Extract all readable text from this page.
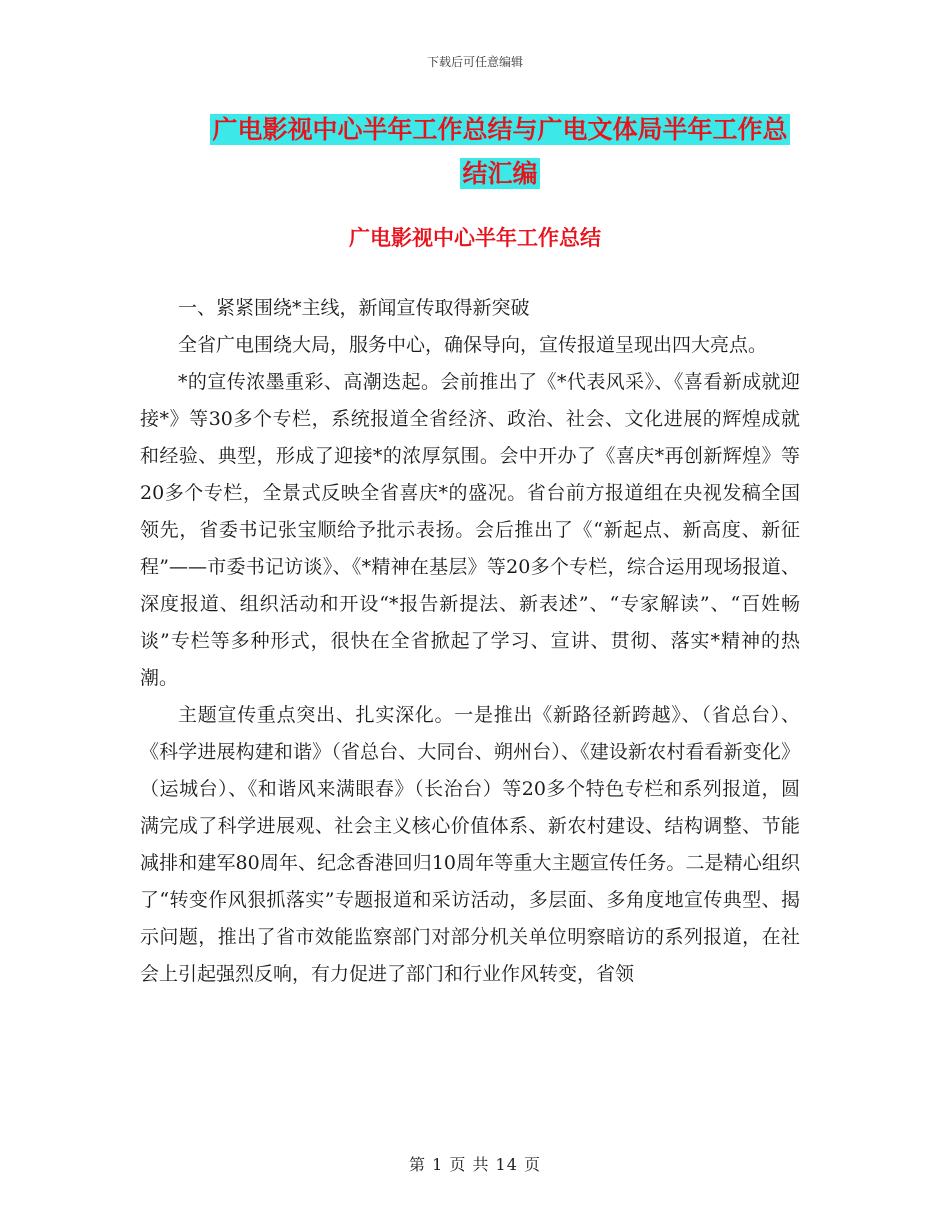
下载后可任意编辑
广电影视中心半年工作总结与广电文体局半年工作总
结汇编
广电影视中心半年工作总结

一、紧紧围绕*主线，新闻宣传取得新突破

全省广电围绕大局，服务中心，确保导向，宣传报道呈现出四大亮点。

*的宣传浓墨重彩、高潮迭起。会前推出了《*代表风采》、《喜看新成就迎接*》等30多个专栏，系统报道全省经济、政治、社会、文化进展的辉煌成就和经验、典型，形成了迎接*的浓厚氛围。会中开办了《喜庆*再创新辉煌》等20多个专栏，全景式反映全省喜庆*的盛况。省台前方报道组在央视发稿全国领先，省委书记张宝顺给予批示表扬。会后推出了《“新起点、新高度、新征程”——市委书记访谈》、《*精神在基层》等20多个专栏，综合运用现场报道、深度报道、组织活动和开设“*报告新提法、新表述”、“专家解读”、“百姓畅谈”专栏等多种形式，很快在全省掀起了学习、宣讲、贯彻、落实*精神的热潮。

主题宣传重点突出、扎实深化。一是推出《新路径新跨越》、（省总台）、《科学进展构建和谐》（省总台、大同台、朔州台）、《建设新农村看看新变化》（运城台）、《和谐风来满眼春》（长治台）等20多个特色专栏和系列报道，圆满完成了科学进展观、社会主义核心价值体系、新农村建设、结构调整、节能减排和建军80周年、纪念香港回归10周年等重大主题宣传任务。二是精心组织了“转变作风狠抓落实”专题报道和采访活动，多层面、多角度地宣传典型、揭示问题，推出了省市效能监察部门对部分机关单位明察暗访的系列报道，在社会上引起强烈反响，有力促进了部门和行业作风转变，省领

第 1 页 共 14 页
